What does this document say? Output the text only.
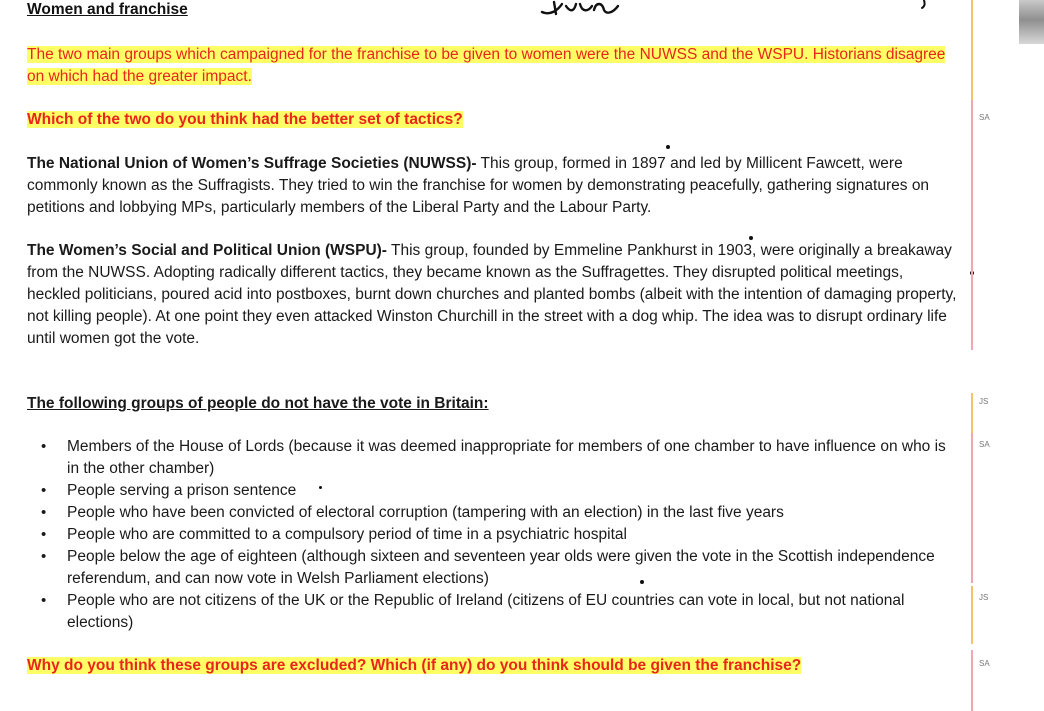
Women and franchise
The two main groups which campaigned for the franchise to be given to women were the NUWSS and the WSPU. Historians disagree on which had the greater impact.
Which of the two do you think had the better set of tactics?
The National Union of Women’s Suffrage Societies (NUWSS)- This group, formed in 1897 and led by Millicent Fawcett, were commonly known as the Suffragists. They tried to win the franchise for women by demonstrating peacefully, gathering signatures on petitions and lobbying MPs, particularly members of the Liberal Party and the Labour Party.
The Women’s Social and Political Union (WSPU)- This group, founded by Emmeline Pankhurst in 1903, were originally a breakaway from the NUWSS. Adopting radically different tactics, they became known as the Suffragettes. They disrupted political meetings, heckled politicians, poured acid into postboxes, burnt down churches and planted bombs (albeit with the intention of damaging property, not killing people). At one point they even attacked Winston Churchill in the street with a dog whip. The idea was to disrupt ordinary life until women got the vote.
The following groups of people do not have the vote in Britain:
• Members of the House of Lords (because it was deemed inappropriate for members of one chamber to have influence on who is in the other chamber)
• People serving a prison sentence
• People who have been convicted of electoral corruption (tampering with an election) in the last five years
• People who are committed to a compulsory period of time in a psychiatric hospital
• People below the age of eighteen (although sixteen and seventeen year olds were given the vote in the Scottish independence referendum, and can now vote in Welsh Parliament elections)
• People who are not citizens of the UK or the Republic of Ireland (citizens of EU countries can vote in local, but not national elections)
Why do you think these groups are excluded? Which (if any) do you think should be given the franchise?
SA
JS
SA
JS
SA
